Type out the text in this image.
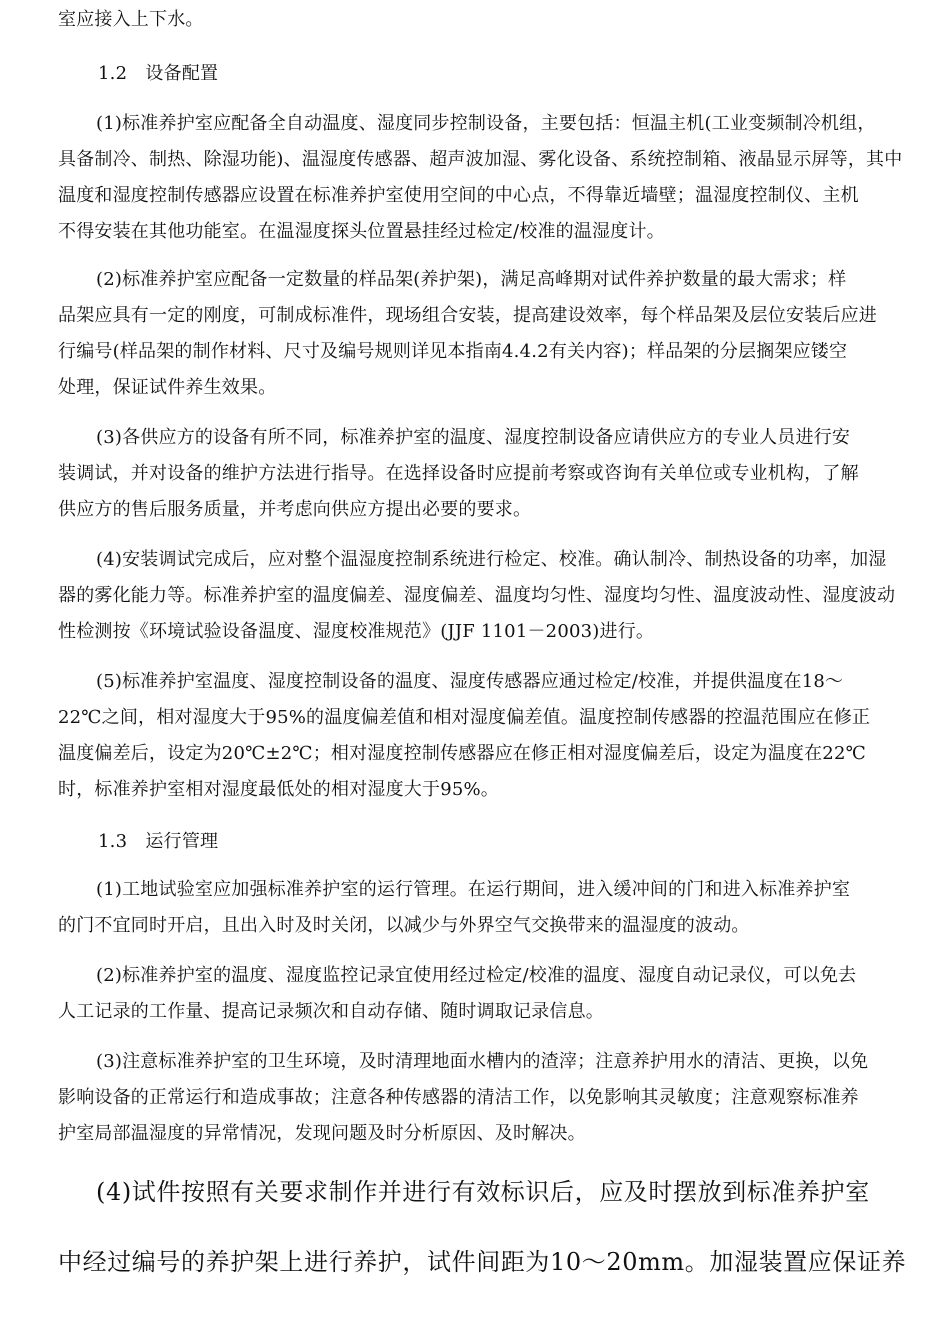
室应接入上下水。
1.2　设备配置
(1)标准养护室应配备全自动温度、湿度同步控制设备，主要包括：恒温主机(工业变频制冷机组，
具备制冷、制热、除湿功能)、温湿度传感器、超声波加湿、雾化设备、系统控制箱、液晶显示屏等，其中
温度和湿度控制传感器应设置在标准养护室使用空间的中心点，不得靠近墙壁；温湿度控制仪、主机
不得安装在其他功能室。在温湿度探头位置悬挂经过检定/校准的温湿度计。
(2)标准养护室应配备一定数量的样品架(养护架)，满足高峰期对试件养护数量的最大需求；样
品架应具有一定的刚度，可制成标准件，现场组合安装，提高建设效率，每个样品架及层位安装后应进
行编号(样品架的制作材料、尺寸及编号规则详见本指南4.4.2有关内容)；样品架的分层搁架应镂空
处理，保证试件养生效果。
(3)各供应方的设备有所不同，标准养护室的温度、湿度控制设备应请供应方的专业人员进行安
装调试，并对设备的维护方法进行指导。在选择设备时应提前考察或咨询有关单位或专业机构，了解
供应方的售后服务质量，并考虑向供应方提出必要的要求。
(4)安装调试完成后，应对整个温湿度控制系统进行检定、校准。确认制冷、制热设备的功率，加湿
器的雾化能力等。标准养护室的温度偏差、湿度偏差、温度均匀性、湿度均匀性、温度波动性、湿度波动
性检测按《环境试验设备温度、湿度校准规范》(JJF 1101－2003)进行。
(5)标准养护室温度、湿度控制设备的温度、湿度传感器应通过检定/校准，并提供温度在18～
22℃之间，相对湿度大于95%的温度偏差值和相对湿度偏差值。温度控制传感器的控温范围应在修正
温度偏差后，设定为20℃±2℃；相对湿度控制传感器应在修正相对湿度偏差后，设定为温度在22℃
时，标准养护室相对湿度最低处的相对湿度大于95%。
1.3　运行管理
(1)工地试验室应加强标准养护室的运行管理。在运行期间，进入缓冲间的门和进入标准养护室
的门不宜同时开启，且出入时及时关闭，以减少与外界空气交换带来的温湿度的波动。
(2)标准养护室的温度、湿度监控记录宜使用经过检定/校准的温度、湿度自动记录仪，可以免去
人工记录的工作量、提高记录频次和自动存储、随时调取记录信息。
(3)注意标准养护室的卫生环境，及时清理地面水槽内的渣滓；注意养护用水的清洁、更换，以免
影响设备的正常运行和造成事故；注意各种传感器的清洁工作，以免影响其灵敏度；注意观察标准养
护室局部温湿度的异常情况，发现问题及时分析原因、及时解决。
(4)试件按照有关要求制作并进行有效标识后，应及时摆放到标准养护室
中经过编号的养护架上进行养护，试件间距为10～20mm。加湿装置应保证养
